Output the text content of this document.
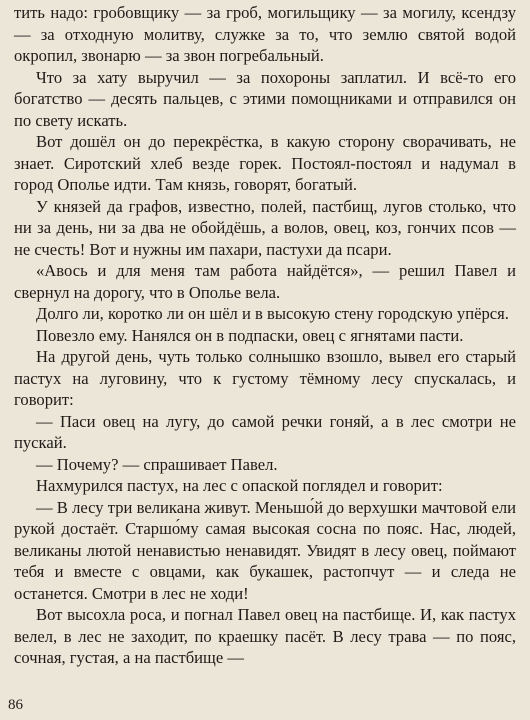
тить надо: гробовщику — за гроб, могильщику — за могилу, ксендзу — за отходную молитву, служке за то, что землю святой водой окропил, звонарю — за звон погребальный.

Что за хату выручил — за похороны заплатил. И всё-то его богатство — десять пальцев, с этими помощниками и отправился он по свету искать.

Вот дошёл он до перекрёстка, в какую сторону сворачивать, не знает. Сиротский хлеб везде горек. Постоял-постоял и надумал в город Ополье идти. Там князь, говорят, богатый.

У князей да графов, известно, полей, пастбищ, лугов столько, что ни за день, ни за два не обойдёшь, а волов, овец, коз, гончих псов — не счесть! Вот и нужны им пахари, пастухи да псари.

«Авось и для меня там работа найдётся», — решил Павел и свернул на дорогу, что в Ополье вела.

Долго ли, коротко ли он шёл и в высокую стену городскую упёрся.

Повезло ему. Нанялся он в подпаски, овец с ягнятами пасти.

На другой день, чуть только солнышко взошло, вывел его старый пастух на луговину, что к густому тёмному лесу спускалась, и говорит:

— Паси овец на лугу, до самой речки гоняй, а в лес смотри не пускай.

— Почему? — спрашивает Павел.

Нахмурился пастух, на лес с опаской поглядел и говорит:

— В лесу три великана живут. Меньшо́й до верхушки мачтовой ели рукой достаёт. Старшо́му самая высокая сосна по пояс. Нас, людей, великаны лютой ненавистью ненавидят. Увидят в лесу овец, поймают тебя и вместе с овцами, как букашек, растопчут — и следа не останется. Смотри в лес не ходи!

Вот высохла роса, и погнал Павел овец на пастбище. И, как пастух велел, в лес не заходит, по краешку пасёт. В лесу трава — по пояс, сочная, густая, а на пастбище —

86
